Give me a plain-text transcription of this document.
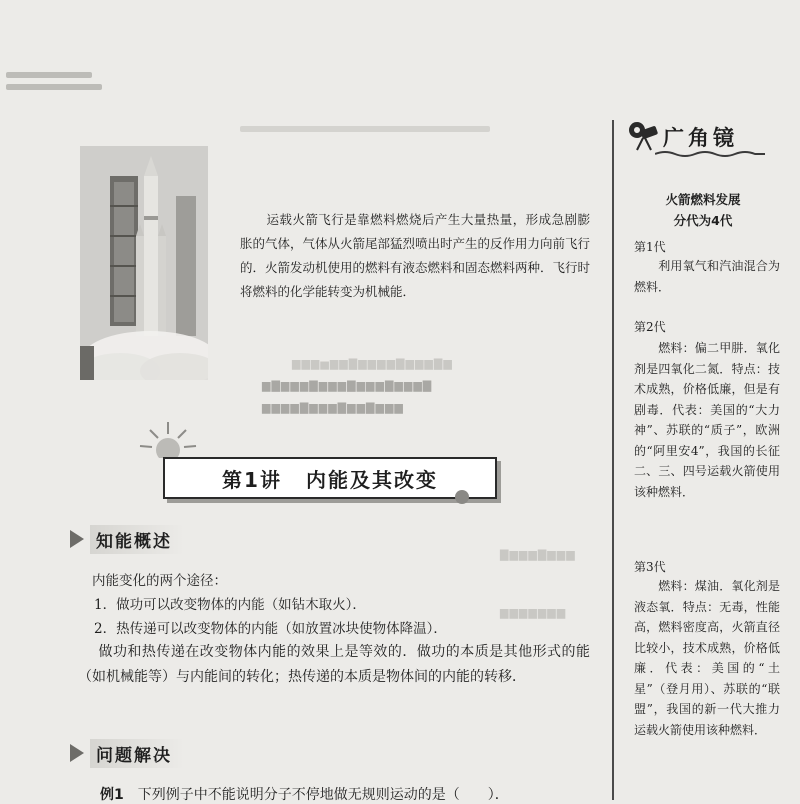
▆▆▆▅▆▆▇▆▆▆▆▇▆▆▆▇▆
▆▇▆▆▆▇▆▆▆▇▆▆▆▇▆▆▆▇
▆▆▆▆▇▆▆▆▇▆▆▇▆▆▆
▇▆▆▆▇▆▆▆
▆▆▆▆▆▆▆
运载火箭飞行是靠燃料燃烧后产生大量热量，形成急剧膨胀的气体，气体从火箭尾部猛烈喷出时产生的反作用力向前飞行的．火箭发动机使用的燃料有液态燃料和固态燃料两种．飞行时将燃料的化学能转变为机械能．
第1讲 内能及其改变
知能概述
内能变化的两个途径：
1．做功可以改变物体的内能（如钻木取火）．
2．热传递可以改变物体的内能（如放置冰块使物体降温）．
做功和热传递在改变物体内能的效果上是等效的．做功的本质是其他形式的能（如机械能等）与内能间的转化；热传递的本质是物体间的内能的转移．
问题解决
例1 下列例子中不能说明分子不停地做无规则运动的是（　　）．
广角镜
火箭燃料发展
分代为4代
第1代
利用氧气和汽油混合为燃料．
第2代
燃料：偏二甲肼．氧化剂是四氧化二氮．特点：技术成熟，价格低廉，但是有剧毒．代表：美国的“大力神”、苏联的“质子”，欧洲的“阿里安4”，我国的长征二、三、四号运载火箭使用该种燃料．
第3代
燃料：煤油．氧化剂是液态氧．特点：无毒，性能高，燃料密度高，火箭直径比较小，技术成熟，价格低廉．代表：美国的“土星”（登月用）、苏联的“联盟”，我国的新一代大推力运载火箭使用该种燃料．
